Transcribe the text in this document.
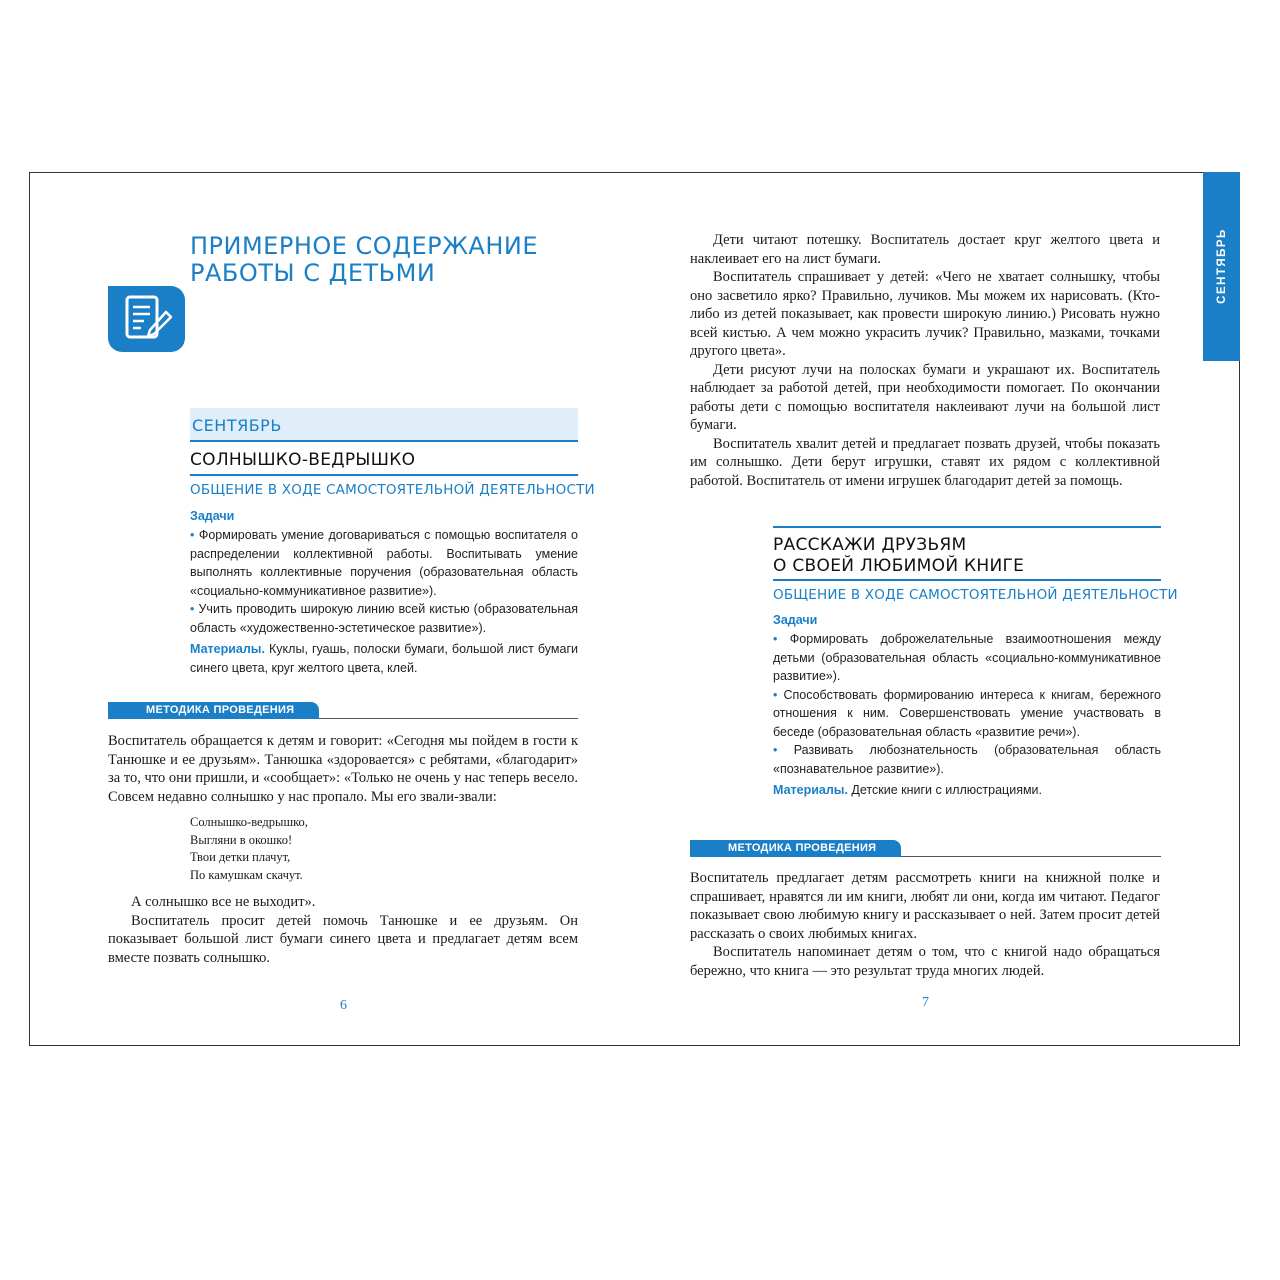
ПРИМЕРНОЕ СОДЕРЖАНИЕ
РАБОТЫ С ДЕТЬМИ
СЕНТЯБРЬ
СОЛНЫШКО-ВЕДРЫШКО
ОБЩЕНИЕ В ХОДЕ САМОСТОЯТЕЛЬНОЙ ДЕЯТЕЛЬНОСТИ
Задачи

• Формировать умение договариваться с помощью воспитателя о распределении коллективной работы. Воспитывать умение выполнять коллективные поручения (образовательная область «социально-коммуникативное развитие»).

• Учить проводить широкую линию всей кистью (образовательная область «художественно-эстетическое развитие»).

Материалы. Куклы, гуашь, полоски бумаги, большой лист бумаги синего цвета, круг желтого цвета, клей.

МЕТОДИКА ПРОВЕДЕНИЯ

Воспитатель обращается к детям и говорит: «Сегодня мы пойдем в гости к Танюшке и ее друзьям». Танюшка «здоровается» с ребятами, «благодарит» за то, что они пришли, и «сообщает»: «Только не очень у нас теперь весело. Совсем недавно солнышко у нас пропало. Мы его звали-звали:

Солнышко-ведрышко,
Выгляни в окошко!
Твои детки плачут,
По камушкам скачут.

А солнышко все не выходит».

Воспитатель просит детей помочь Танюшке и ее друзьям. Он показывает большой лист бумаги синего цвета и предлагает детям всем вместе позвать солнышко.

6
СЕНТЯБРЬ

Дети читают потешку. Воспитатель достает круг желтого цвета и наклеивает его на лист бумаги.

Воспитатель спрашивает у детей: «Чего не хватает солнышку, чтобы оно засветило ярко? Правильно, лучиков. Мы можем их нарисовать. (Кто-либо из детей показывает, как провести широкую линию.) Рисовать нужно всей кистью. А чем можно украсить лучик? Правильно, мазками, точками другого цвета».

Дети рисуют лучи на полосках бумаги и украшают их. Воспитатель наблюдает за работой детей, при необходимости помогает. По окончании работы дети с помощью воспитателя наклеивают лучи на большой лист бумаги.

Воспитатель хвалит детей и предлагает позвать друзей, чтобы показать им солнышко. Дети берут игрушки, ставят их рядом с коллективной работой. Воспитатель от имени игрушек благодарит детей за помощь.

РАССКАЖИ ДРУЗЬЯМ
О СВОЕЙ ЛЮБИМОЙ КНИГЕ
ОБЩЕНИЕ В ХОДЕ САМОСТОЯТЕЛЬНОЙ ДЕЯТЕЛЬНОСТИ
Задачи

• Формировать доброжелательные взаимоотношения между детьми (образовательная область «социально-коммуникативное развитие»).

• Способствовать формированию интереса к книгам, бережного отношения к ним. Совершенствовать умение участвовать в беседе (образовательная область «развитие речи»).

• Развивать любознательность (образовательная область «познавательное развитие»).

Материалы. Детские книги с иллюстрациями.

МЕТОДИКА ПРОВЕДЕНИЯ

Воспитатель предлагает детям рассмотреть книги на книжной полке и спрашивает, нравятся ли им книги, любят ли они, когда им читают. Педагог показывает свою любимую книгу и рассказывает о ней. Затем просит детей рассказать о своих любимых книгах.

Воспитатель напоминает детям о том, что с книгой надо обращаться бережно, что книга — это результат труда многих людей.

7
